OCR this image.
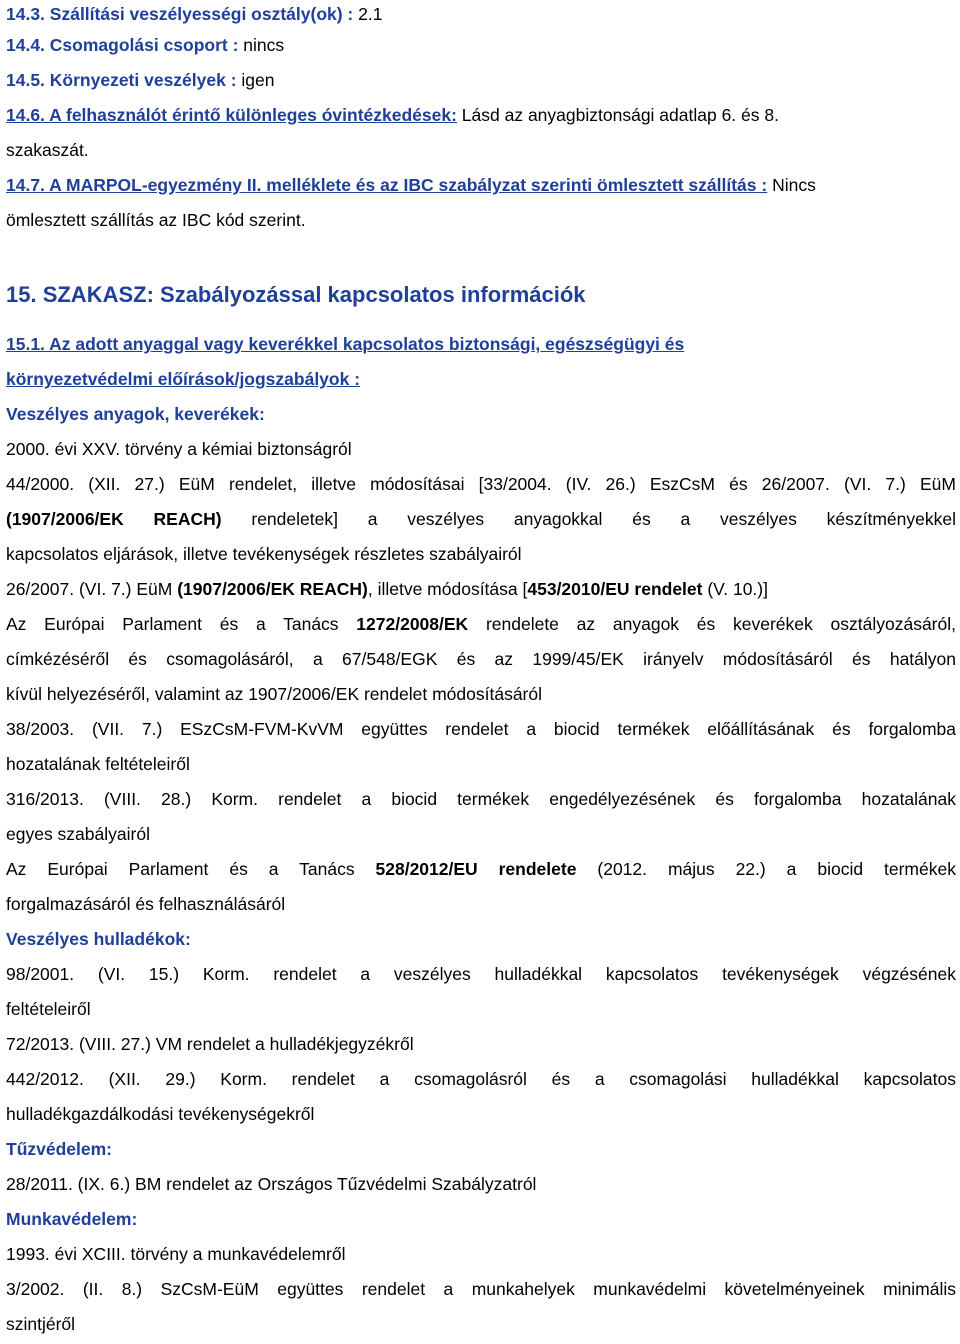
14.3. Szállítási veszélyességi osztály(ok) : 2.1

14.4. Csomagolási csoport : nincs

14.5. Környezeti veszélyek : igen

14.6. A felhasználót érintő különleges óvintézkedések: Lásd az anyagbiztonsági adatlap 6. és 8.

szakaszát.

14.7. A MARPOL-egyezmény II. melléklete és az IBC szabályzat szerinti ömlesztett szállítás : Nincs

ömlesztett szállítás az IBC kód szerint.

15. SZAKASZ: Szabályozással kapcsolatos információk

15.1. Az adott anyaggal vagy keverékkel kapcsolatos biztonsági, egészségügyi és

környezetvédelmi előírások/jogszabályok :

Veszélyes anyagok, keverékek:

2000. évi XXV. törvény a kémiai biztonságról

44/2000. (XII. 27.) EüM rendelet, illetve módosításai [33/2004. (IV. 26.) EszCsM és 26/2007. (VI. 7.) EüM

(1907/2006/EK REACH) rendeletek] a veszélyes anyagokkal és a veszélyes készítményekkel

kapcsolatos eljárások, illetve tevékenységek részletes szabályairól

26/2007. (VI. 7.) EüM (1907/2006/EK REACH), illetve módosítása [453/2010/EU rendelet (V. 10.)]

Az Európai Parlament és a Tanács 1272/2008/EK rendelete az anyagok és keverékek osztályozásáról,

címkézéséről és csomagolásáról, a 67/548/EGK és az 1999/45/EK irányelv módosításáról és hatályon

kívül helyezéséről, valamint az 1907/2006/EK rendelet módosításáról

38/2003. (VII. 7.) ESzCsM-FVM-KvVM együttes rendelet a biocid termékek előállításának és forgalomba

hozatalának feltételeiről

316/2013. (VIII. 28.) Korm. rendelet a biocid termékek engedélyezésének és forgalomba hozatalának

egyes szabályairól

Az Európai Parlament és a Tanács 528/2012/EU rendelete (2012. május 22.) a biocid termékek

forgalmazásáról és felhasználásáról

Veszélyes hulladékok:

98/2001. (VI. 15.) Korm. rendelet a veszélyes hulladékkal kapcsolatos tevékenységek végzésének

feltételeiről

72/2013. (VIII. 27.) VM rendelet a hulladékjegyzékről

442/2012. (XII. 29.) Korm. rendelet a csomagolásról és a csomagolási hulladékkal kapcsolatos

hulladékgazdálkodási tevékenységekről

Tűzvédelem:

28/2011. (IX. 6.) BM rendelet az Országos Tűzvédelmi Szabályzatról

Munkavédelem:

1993. évi XCIII. törvény a munkavédelemről

3/2002. (II. 8.) SzCsM-EüM együttes rendelet a munkahelyek munkavédelmi követelményeinek minimális

szintjéről
